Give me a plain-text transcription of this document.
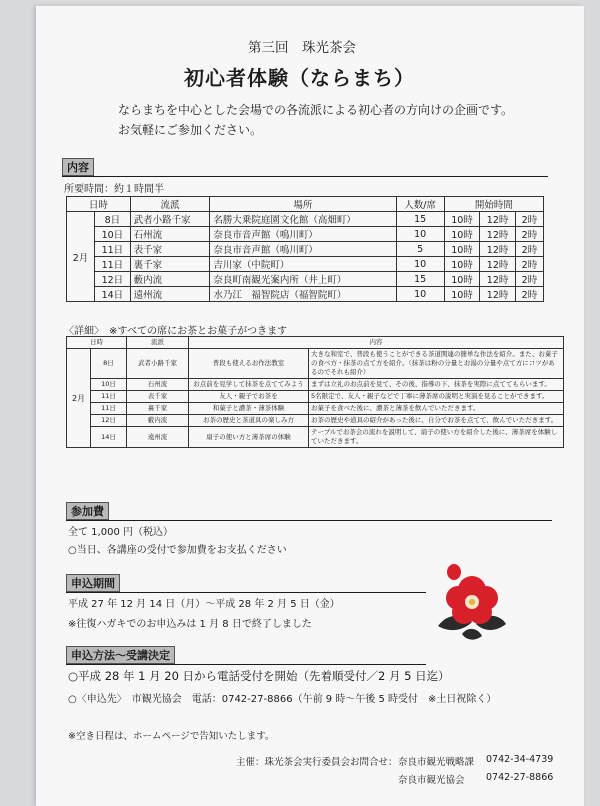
第三回　珠光茶会
初心者体験（ならまち）
ならまちを中心とした会場での各流派による初心者の方向けの企画です。
お気軽にご参加ください。
内容
所要時間：約１時間半
日時		流派	場所	人数/席	開始時間		
2月	8日	武者小路千家	名勝大乗院庭園文化館（高畑町）	15	10時	12時	2時
	10日	石州流	奈良市音声館（鳴川町）	10	10時	12時	2時
	11日	表千家	奈良市音声館（鳴川町）	5	10時	12時	2時
	11日	裏千家	吉川家（中院町）	10	10時	12時	2時
	12日	藪内流	奈良町南観光案内所（井上町）	15	10時	12時	2時
	14日	遠州流	水乃江　福智院店（福智院町）	10	10時	12時	2時
〈詳細〉　※すべての席にお茶とお菓子がつきます
日時		流派	内容	
2月	8日	武者小路千家	普段も使えるお作法教室	大きな和室で、普段も使うことができる茶道関連の簡単な作法を紹介。また、お菓子の食べ方・抹茶の点て方を紹介。（抹茶は粉の分量とお湯の分量や点て方にコツがあるのでそれも紹介）
	10日	石州流	お点前を見学して抹茶を点ててみよう	まずは立礼のお点前を見て、その後、指導の下、抹茶を実際に点ててもらいます。
	11日	表千家	友人・親子でお茶を	5名限定で、友人・親子などで丁寧に薄茶席の説明と実演を見ることができます。
	11日	裏千家	和菓子と濃茶・薄茶体験	お菓子を食べた後に、濃茶と薄茶を飲んでいただきます。
	12日	藪内流	お茶の歴史と茶道具の楽しみ方	お茶の歴史や道具の紹介があった後に、自分でお茶を点てて、飲んでいただきます。
	14日	遠州流	扇子の使い方と薄茶席の体験	テーブルでお茶会の流れを説明して、扇子の使い方を紹介した後に、薄茶席を体験していただきます。
参加費
全て 1,000 円（税込）
○当日、各講座の受付で参加費をお支払ください
申込期間
平成 27 年 12 月 14 日（月）〜平成 28 年 2 月 5 日（金）
※往復ハガキでのお申込みは 1 月 8 日で終了しました
申込方法〜受講決定
○平成 28 年 1 月 20 日から電話受付を開始（先着順受付／2 月 5 日迄）
○〈申込先〉　市観光協会　電話：0742-27-8866（午前 9 時〜午後 5 時受付　※土日祝除く）
※空き日程は、ホームページで告知いたします。
主催：珠光茶会実行委員会 お問合せ： 奈良市観光戦略課 0742-34-4739
奈良市観光協会 0742-27-8866
